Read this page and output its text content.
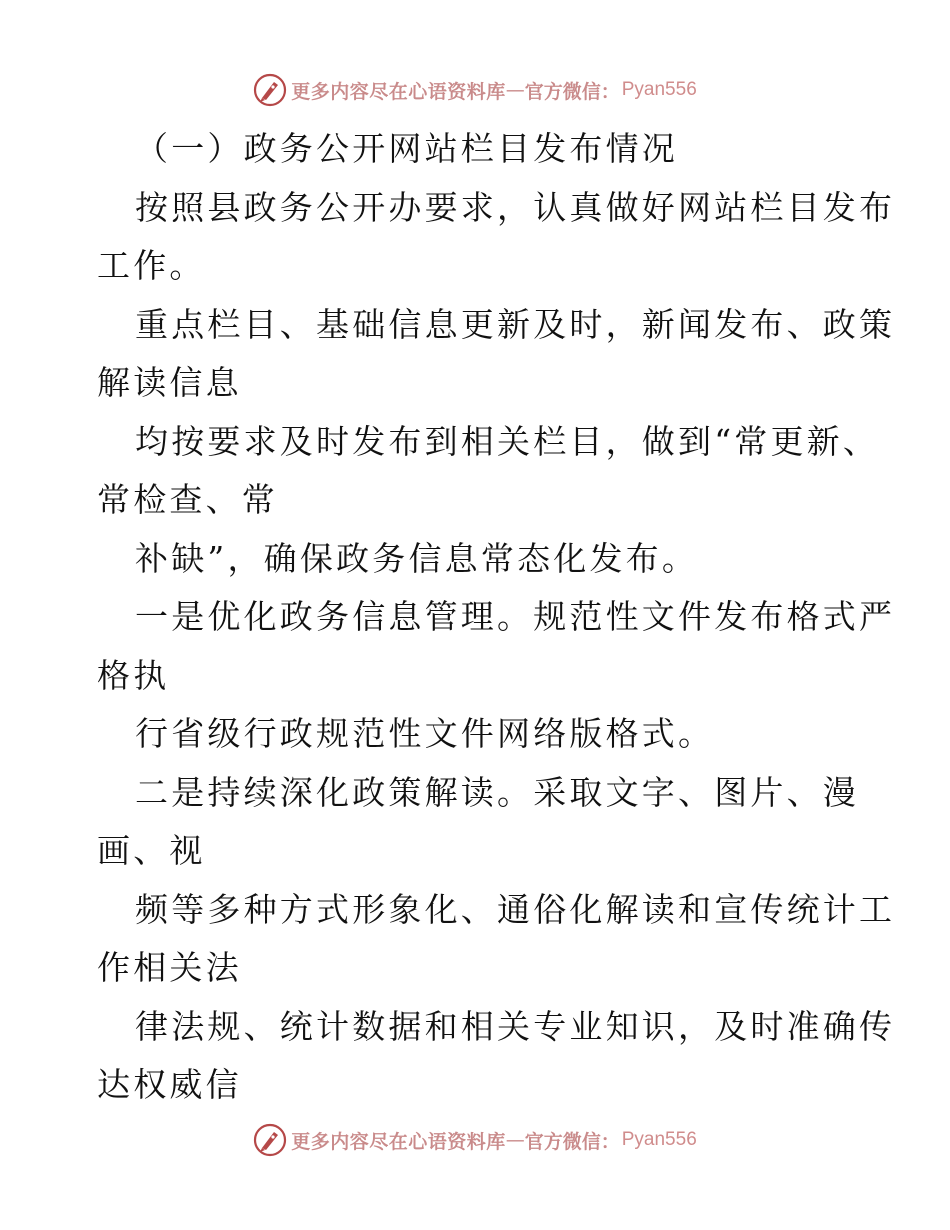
更多内容尽在心语资料库 — 官方微信： Pyan556
（一）政务公开网站栏目发布情况
按照县政务公开办要求，认真做好网站栏目发布
工作。
重点栏目、基础信息更新及时，新闻发布、政策
解读信息
均按要求及时发布到相关栏目，做到“常更新、
常检查、常
补缺”，确保政务信息常态化发布。
一是优化政务信息管理。规范性文件发布格式严
格执
行省级行政规范性文件网络版格式。
二是持续深化政策解读。采取文字、图片、漫
画、视
频等多种方式形象化、通俗化解读和宣传统计工
作相关法
律法规、统计数据和相关专业知识，及时准确传
达权威信
更多内容尽在心语资料库 — 官方微信： Pyan556
